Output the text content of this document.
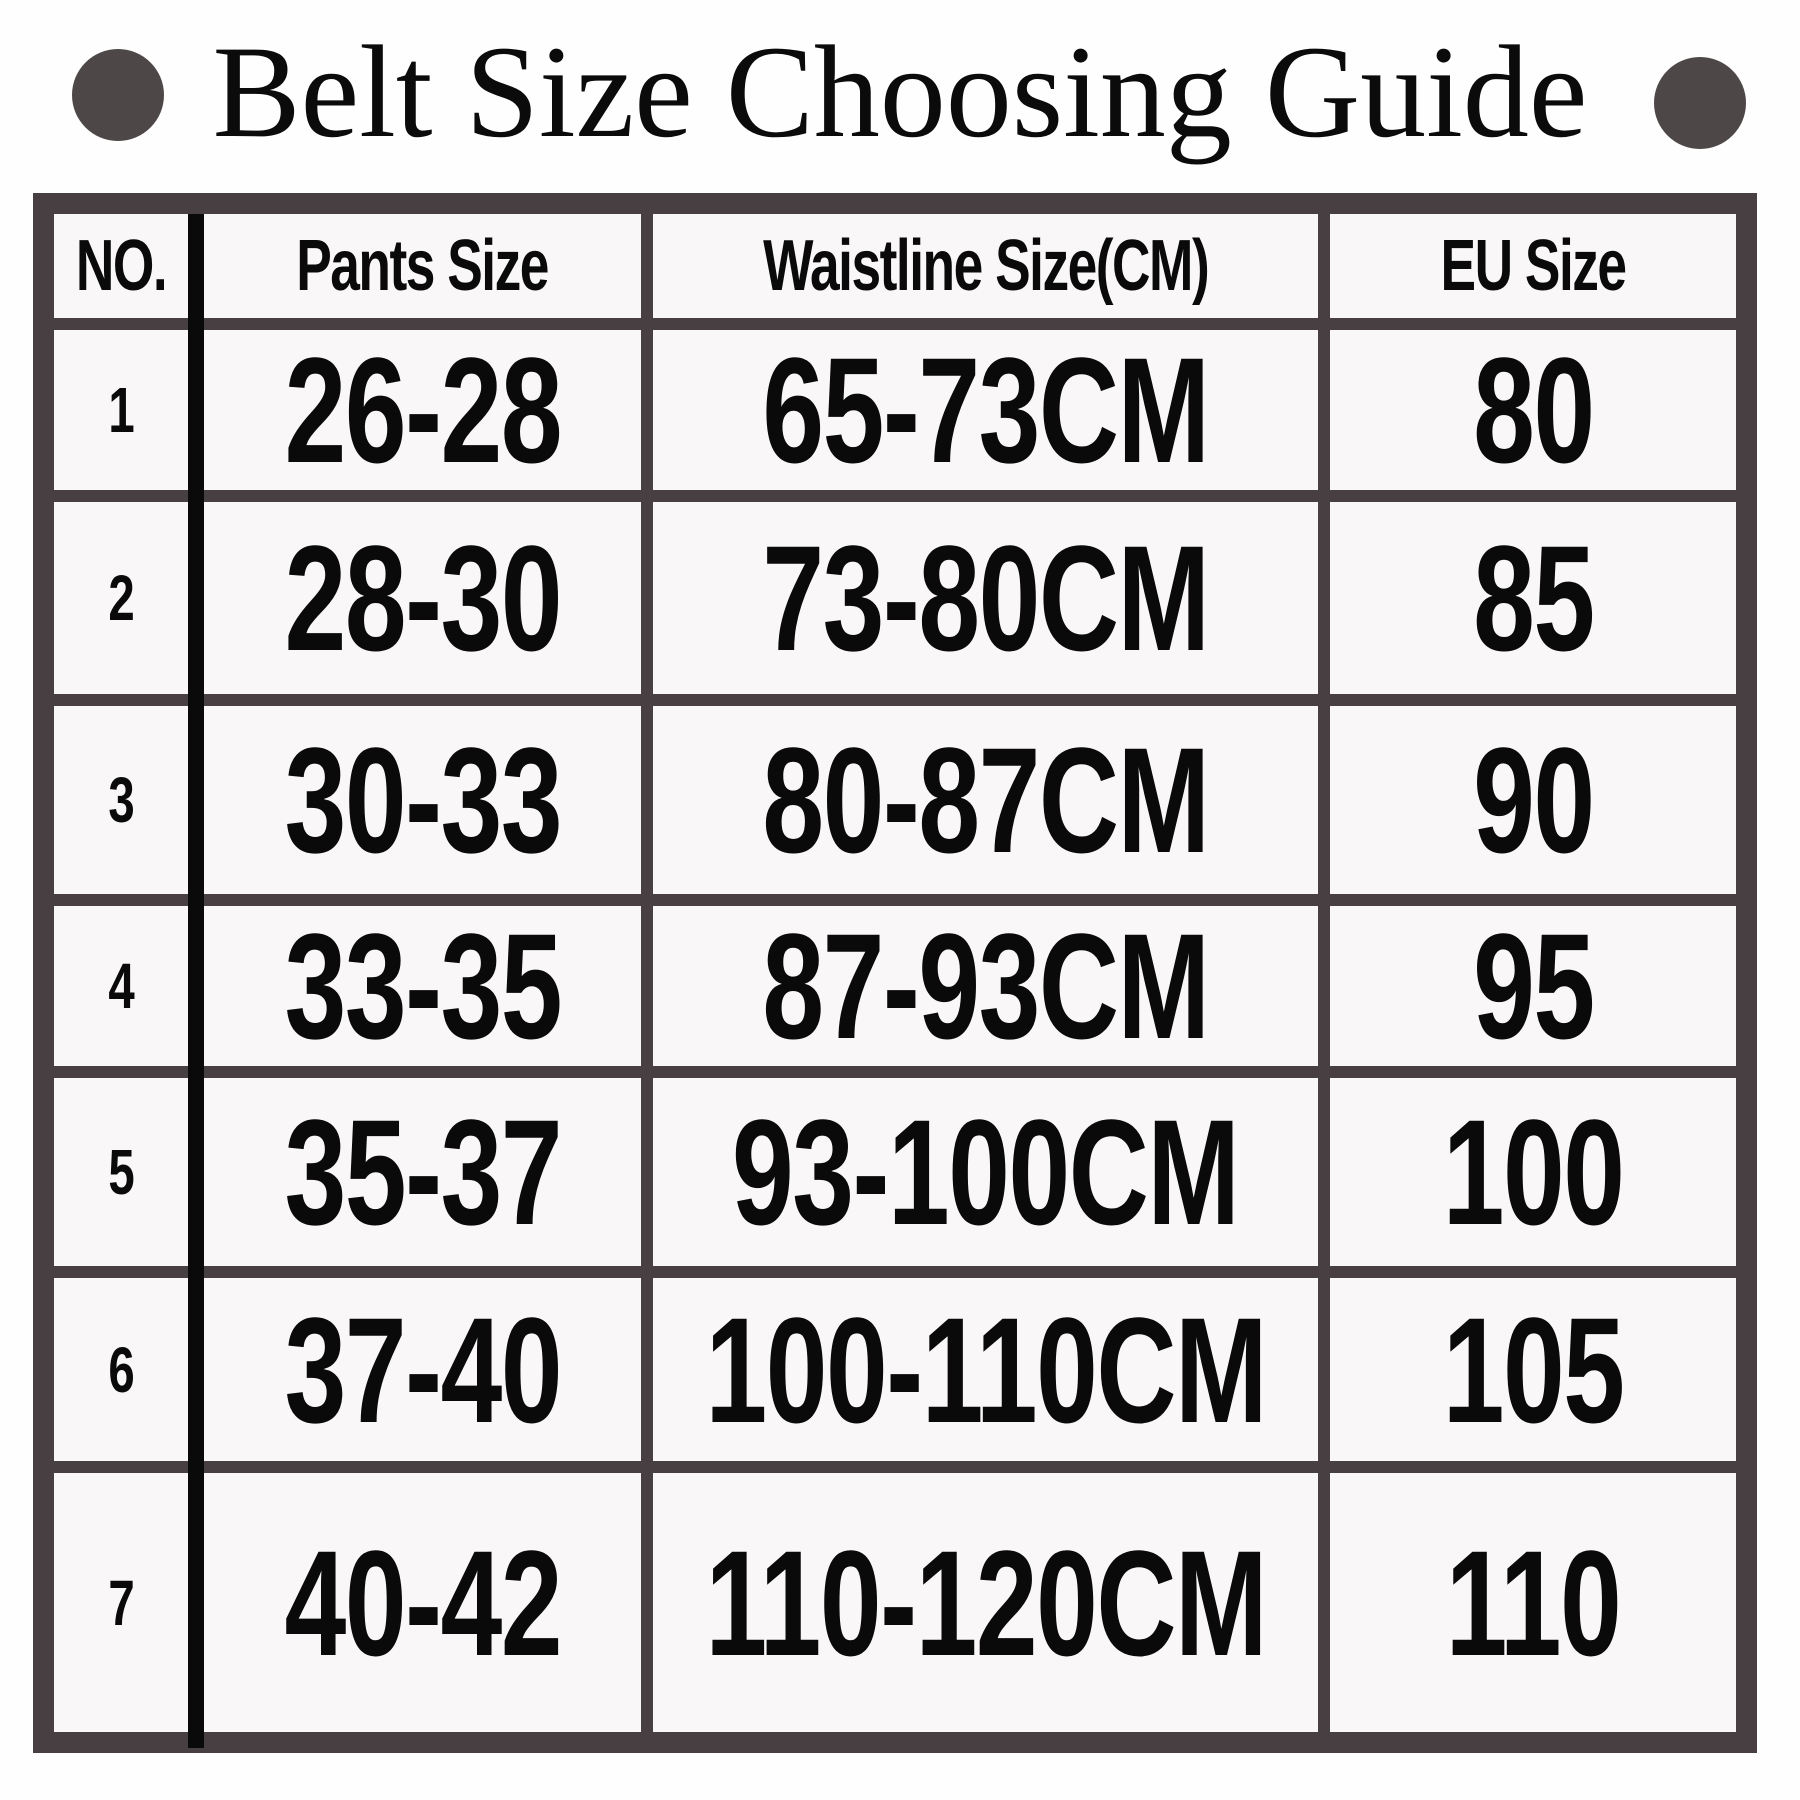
Belt Size Choosing Guide
NO. Pants Size	Waistline Size(CM)	EU Size
1 26-28 65-73CM 80
2 28-30 73-80CM 85
3 30-33 80-87CM 90
4 33-35 87-93CM 95
5 35-37 93-100CM 100
6 37-40 100-110CM 105
7 40-42 110-120CM 110
